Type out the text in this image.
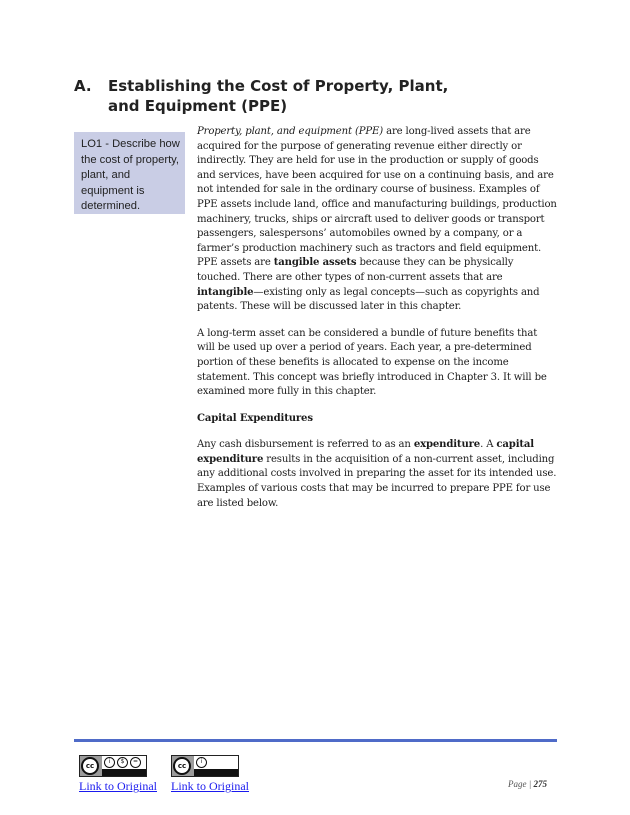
A. Establishing the Cost of Property, Plant,
and Equipment (PPE)
LO1 - Describe how the cost of property, plant, and equipment is determined.

Property, plant, and equipment (PPE) are long-lived assets that are acquired for the purpose of generating revenue either directly or indirectly. They are held for use in the production or supply of goods and services, have been acquired for use on a continuing basis, and are not intended for sale in the ordinary course of business. Examples of PPE assets include land, office and manufacturing buildings, production machinery, trucks, ships or aircraft used to deliver goods or transport passengers, salespersons’ automobiles owned by a company, or a farmer’s production machinery such as tractors and field equipment. PPE assets are tangible assets because they can be physically touched. There are other types of non-current assets that are intangible—existing only as legal concepts—such as copyrights and patents. These will be discussed later in this chapter.

A long-term asset can be considered a bundle of future benefits that will be used up over a period of years. Each year, a pre-determined portion of these benefits is allocated to expense on the income statement. This concept was briefly introduced in Chapter 3. It will be examined more fully in this chapter.

Capital Expenditures

Any cash disbursement is referred to as an expenditure. A capital expenditure results in the acquisition of a non-current asset, including any additional costs involved in preparing the asset for its intended use. Examples of various costs that may be incurred to prepare PPE for use are listed below.

cc
i	$	=
cc
i
Link to Original Link to Original	Page | 275
